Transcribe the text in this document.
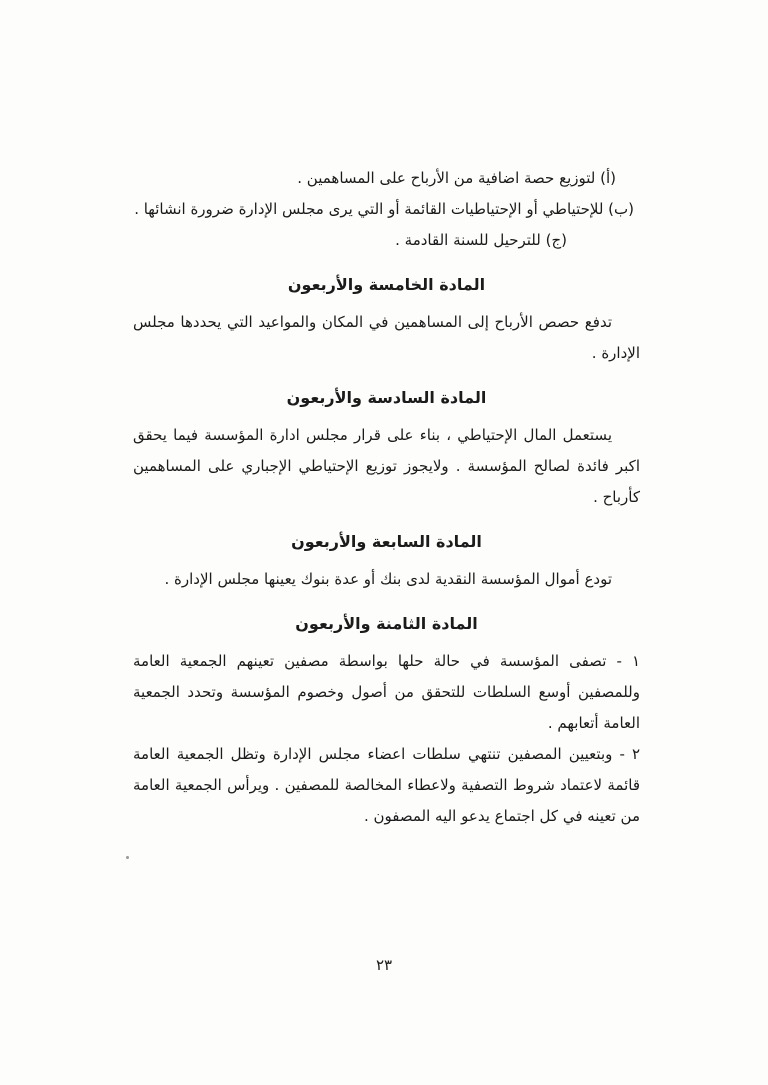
(أ) لتوزيع حصة اضافية من الأرباح على المساهمين .

(ب) للإحتياطي أو الإحتياطيات القائمة أو التي يرى مجلس الإدارة ضرورة انشائها .

(ج) للترحيل للسنة القادمة .

المادة الخامسة والأربعون

تدفع حصص الأرباح إلى المساهمين في المكان والمواعيد التي يحددها مجلس الإدارة .

المادة السادسة والأربعون

يستعمل المال الإحتياطي ، بناء على قرار مجلس ادارة المؤسسة فيما يحقق اكبر فائدة لصالح المؤسسة . ولايجوز توزيع الإحتياطي الإجباري على المساهمين كأرباح .

المادة السابعة والأربعون

تودع أموال المؤسسة النقدية لدى بنك أو عدة بنوك يعينها مجلس الإدارة .

المادة الثامنة والأربعون

١ - تصفى المؤسسة في حالة حلها بواسطة مصفين تعينهم الجمعية العامة وللمصفين أوسع السلطات للتحقق من أصول وخصوم المؤسسة وتحدد الجمعية العامة أتعابهم .

٢ - وبتعيين المصفين تنتهي سلطات اعضاء مجلس الإدارة وتظل الجمعية العامة قائمة لاعتماد شروط التصفية ولاعطاء المخالصة للمصفين . ويرأس الجمعية العامة من تعينه في كل اجتماع يدعو اليه المصفون .

٢٣
